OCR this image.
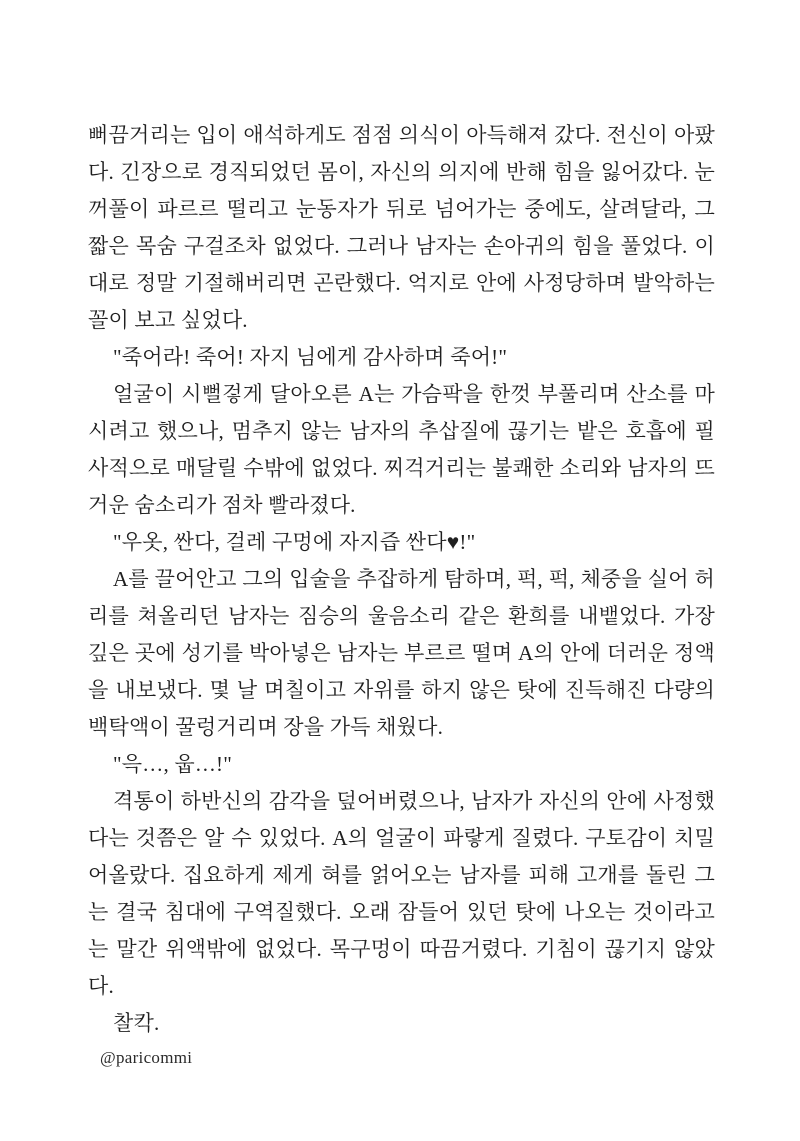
뻐끔거리는 입이 애석하게도 점점 의식이 아득해져 갔다. 전신이 아팠다. 긴장으로 경직되었던 몸이, 자신의 의지에 반해 힘을 잃어갔다. 눈꺼풀이 파르르 떨리고 눈동자가 뒤로 넘어가는 중에도, 살려달라, 그 짧은 목숨 구걸조차 없었다. 그러나 남자는 손아귀의 힘을 풀었다. 이대로 정말 기절해버리면 곤란했다. 억지로 안에 사정당하며 발악하는 꼴이 보고 싶었다.

"죽어라! 죽어! 자지 님에게 감사하며 죽어!"

얼굴이 시뻘겋게 달아오른 A는 가슴팍을 한껏 부풀리며 산소를 마시려고 했으나, 멈추지 않는 남자의 추삽질에 끊기는 밭은 호흡에 필사적으로 매달릴 수밖에 없었다. 찌걱거리는 불쾌한 소리와 남자의 뜨거운 숨소리가 점차 빨라졌다.

"우옷, 싼다, 걸레 구멍에 자지즙 싼다♥!"

A를 끌어안고 그의 입술을 추잡하게 탐하며, 퍽, 퍽, 체중을 실어 허리를 쳐올리던 남자는 짐승의 울음소리 같은 환희를 내뱉었다. 가장 깊은 곳에 성기를 박아넣은 남자는 부르르 떨며 A의 안에 더러운 정액을 내보냈다. 몇 날 며칠이고 자위를 하지 않은 탓에 진득해진 다량의 백탁액이 꿀렁거리며 장을 가득 채웠다.

"윽…, 웁…!"

격통이 하반신의 감각을 덮어버렸으나, 남자가 자신의 안에 사정했다는 것쯤은 알 수 있었다. A의 얼굴이 파랗게 질렸다. 구토감이 치밀어올랐다. 집요하게 제게 혀를 얽어오는 남자를 피해 고개를 돌린 그는 결국 침대에 구역질했다. 오래 잠들어 있던 탓에 나오는 것이라고는 말간 위액밖에 없었다. 목구멍이 따끔거렸다. 기침이 끊기지 않았다.

찰칵.

@paricommi
